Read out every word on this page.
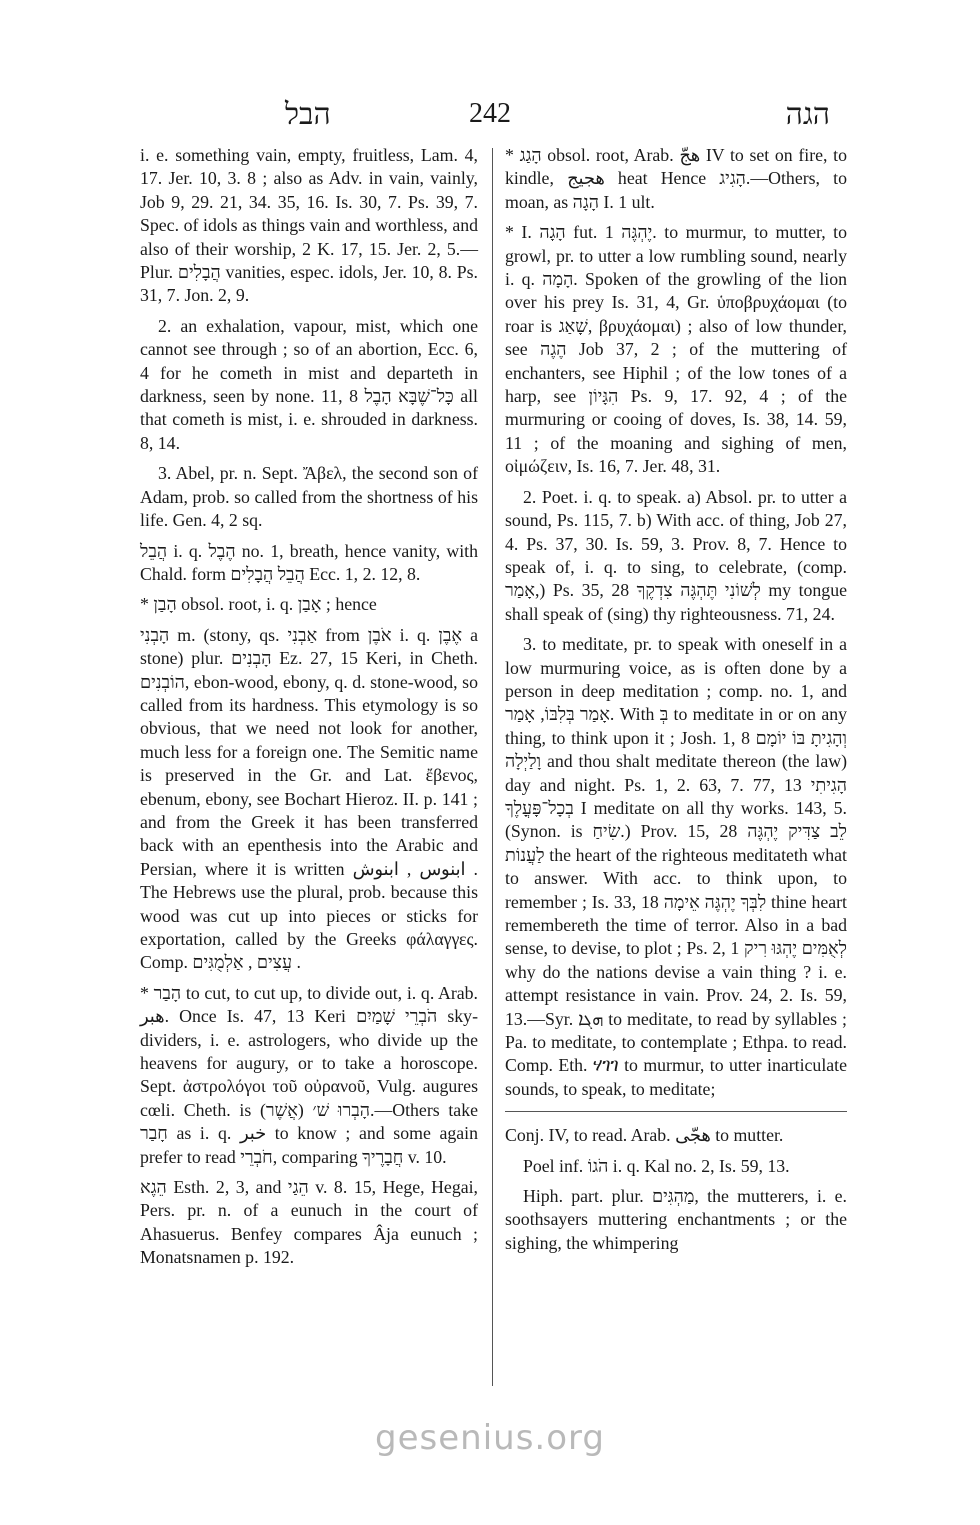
הבל	242	הגה

i. e. something vain, empty, fruitless, Lam. 4, 17. Jer. 10, 3. 8 ; also as Adv. in vain, vainly, Job 9, 29. 21, 34. 35, 16. Is. 30, 7. Ps. 39, 7. Spec. of idols as things vain and worthless, and also of their worship, 2 K. 17, 15. Jer. 2, 5.—Plur. הֲבָלִים vanities, espec. idols, Jer. 10, 8. Ps. 31, 7. Jon. 2, 9.

2. an exhalation, vapour, mist, which one cannot see through ; so of an abortion, Ecc. 6, 4 for he cometh in mist and departeth in darkness, seen by none. 11, 8 כָּל־שֶׁבָּא הָבֶל all that cometh is mist, i. e. shrouded in darkness. 8, 14.

3. Abel, pr. n. Sept. Ἄβελ, the second son of Adam, prob. so called from the shortness of his life. Gen. 4, 2 sq.

הֲבֵל i. q. הֶבֶל no. 1, breath, hence vanity, with Chald. form הֲבֵל הֲבָלִים Ecc. 1, 2. 12, 8.

* הָבַן obsol. root, i. q. אָבַן ; hence

הָבְנִי m. (stony, qs. אַבְנִי from אֹבֶן i. q. אֶבֶן a stone) plur. הָבְנִים Ez. 27, 15 Keri, in Cheth. הוֹבְנִים, ebon-wood, ebony, q. d. stone-wood, so called from its hardness. This etymology is so obvious, that we need not look for another, much less for a foreign one. The Semitic name is preserved in the Gr. and Lat. ἔβενος, ebenum, ebony, see Bochart Hieroz. II. p. 141 ; and from the Greek it has been transferred back with an epenthesis into the Arabic and Persian, where it is written ابنوس , ابنوش . The Hebrews use the plural, prob. because this wood was cut up into pieces or sticks for exportation, called by the Greeks φάλαγγες. Comp. עֲצִים , אַלְמֻגִּים .

* הָבַר to cut, to cut up, to divide out, i. q. Arab. هبر. Once Is. 47, 13 Keri הֹבְרֵי שָׁמַיִם sky-dividers, i. e. astrologers, who divide up the heavens for augury, or to take a horoscope. Sept. ἀστρολόγοι τοῦ οὐρανοῦ, Vulg. augures cœli. Cheth. is (אֲשֶׁר) הָבְרוּ שׁ׳.—Others take חָבַר as i. q. خبر to know ; and some again prefer to read חֹבְרֵי, comparing חֲבָרֶיךָ v. 10.

הֵגֶא Esth. 2, 3, and הֵגַי v. 8. 15, Hege, Hegai, Pers. pr. n. of a eunuch in the court of Ahasuerus. Benfey compares Âja eunuch ; Monatsnamen p. 192.

* הָגַג obsol. root, Arab. هجّ IV to set on fire, to kindle, هجيج heat Hence הָגִיג.—Others, to moan, as הָגָה I. 1 ult.

* I. הָגָה fut. יֶהְגֶּה 1. to murmur, to mutter, to growl, pr. to utter a low rumbling sound, nearly i. q. הָמָה. Spoken of the growling of the lion over his prey Is. 31, 4, Gr. ὑποβρυχάομαι (to roar is שָׁאַג, βρυχάομαι) ; also of low thunder, see הֶגֶה Job 37, 2 ; of the muttering of enchanters, see Hiphil ; of the low tones of a harp, see הִגָּיוֹן Ps. 9, 17. 92, 4 ; of the murmuring or cooing of doves, Is. 38, 14. 59, 11 ; of the moaning and sighing of men, οἰμώζειν, Is. 16, 7. Jer. 48, 31.

2. Poet. i. q. to speak. a) Absol. pr. to utter a sound, Ps. 115, 7. b) With acc. of thing, Job 27, 4. Ps. 37, 30. Is. 59, 3. Prov. 8, 7. Hence to speak of, i. q. to sing, to celebrate, (comp. אָמַר,) Ps. 35, 28 לְשׁוֹנִי תֶּהְגֶּה צִדְקֶךָ my tongue shall speak of (sing) thy righteousness. 71, 24.

3. to meditate, pr. to speak with oneself in a low murmuring voice, as is often done by a person in deep meditation ; comp. no. 1, and אָמַר בְּלִבּוֹ, אָמַר. With בְּ to meditate in or on any thing, to think upon it ; Josh. 1, 8 וְהָגִיתָ בּוֹ יוֹמָם וָלַיְלָה and thou shalt meditate thereon (the law) day and night. Ps. 1, 2. 63, 7. 77, 13 הָגִיתִי בְכָל־פָּעֳלֶךָ I meditate on all thy works. 143, 5. (Synon. is שִׂיחַ.) Prov. 15, 28 לֵב צַדִּיק יֶהְגֶּה לַעֲנוֹת the heart of the righteous meditateth what to answer. With acc. to think upon, to remember ; Is. 33, 18 לִבְּךָ יֶהְגֶּה אֵימָה thine heart remembereth the time of terror. Also in a bad sense, to devise, to plot ; Ps. 2, 1 לְאֻמִּים יֶהְגּוּ רִיק why do the nations devise a vain thing ? i. e. attempt resistance in vain. Prov. 24, 2. Is. 59, 13.—Syr. ܗܓܐ to meditate, to read by syllables ; Pa. to meditate, to contemplate ; Ethpa. to read. Comp. Eth. ሃገገ to murmur, to utter inarticulate sounds, to speak, to meditate;

Conj. IV, to read. Arab. هجّى to mutter.

Poel inf. הֹגוֹ i. q. Kal no. 2, Is. 59, 13.

Hiph. part. plur. מַהְגִּים, the mutterers, i. e. soothsayers muttering enchantments ; or the sighing, the whimpering

gesenius.org
